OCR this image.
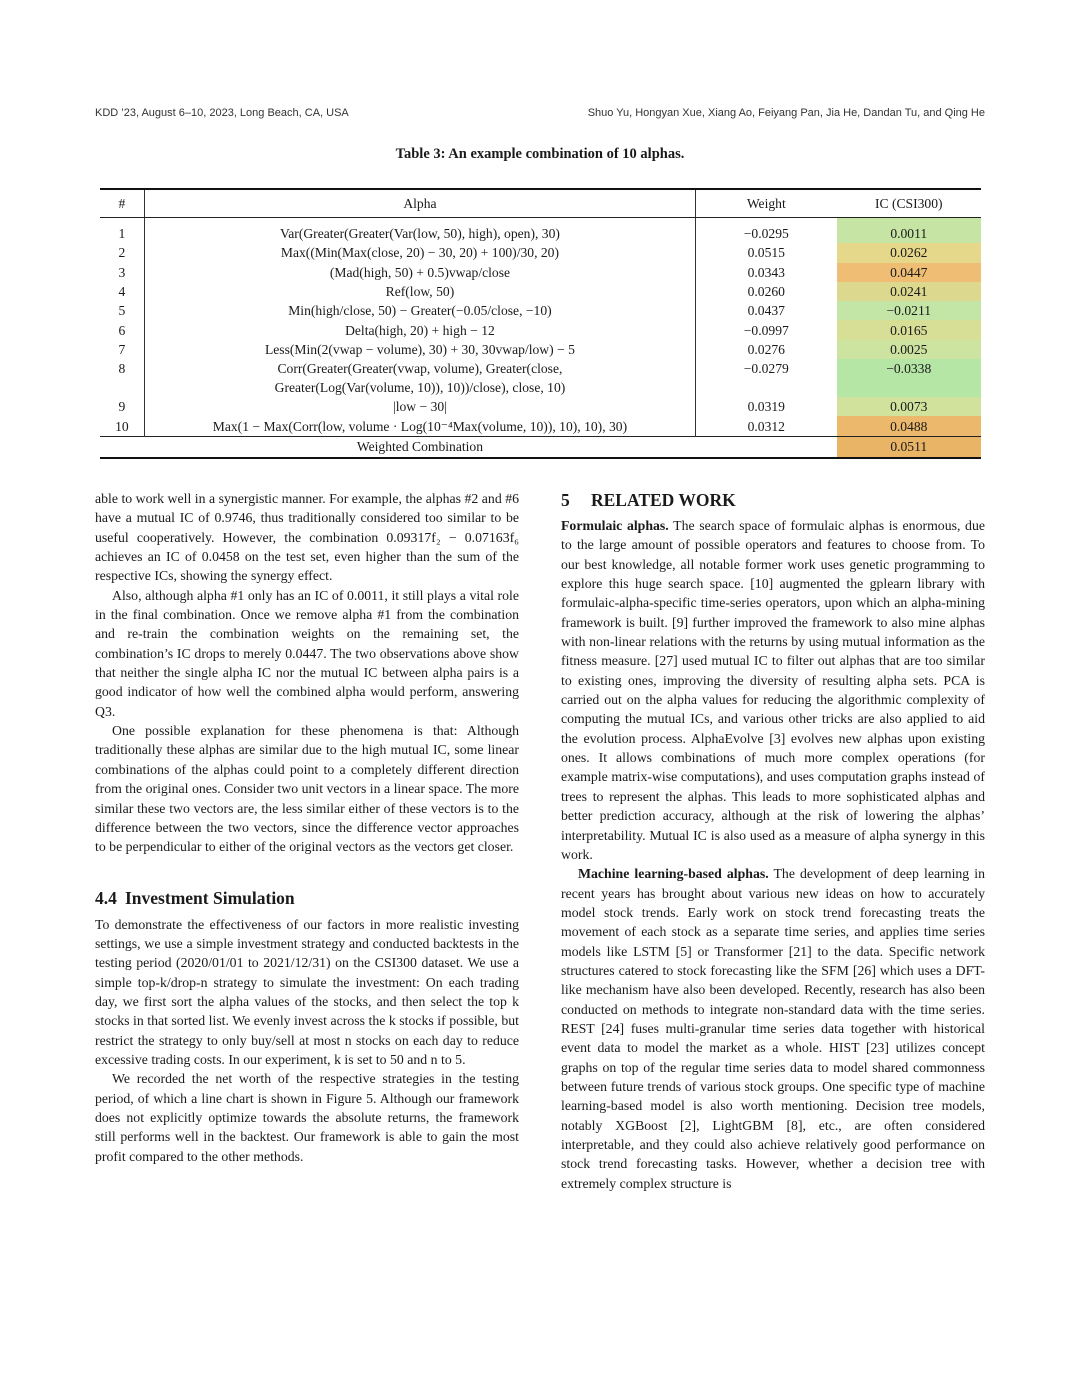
KDD ’23, August 6–10, 2023, Long Beach, CA, USA	Shuo Yu, Hongyan Xue, Xiang Ao, Feiyang Pan, Jia He, Dandan Tu, and Qing He
Table 3: An example combination of 10 alphas.
#	Alpha	Weight	IC (CSI300)
1	Var(Greater(Greater(Var(low, 50), high), open), 30)	−0.0295	0.0011
2	Max((Min(Max(close, 20) − 30, 20) + 100)/30, 20)	0.0515	0.0262
3	(Mad(high, 50) + 0.5)vwap/close	0.0343	0.0447
4	Ref(low, 50)	0.0260	0.0241
5	Min(high/close, 50) − Greater(−0.05/close, −10)	0.0437	−0.0211
6	Delta(high, 20) + high − 12	−0.0997	0.0165
7	Less(Min(2(vwap − volume), 30) + 30, 30vwap/low) − 5	0.0276	0.0025
8	Corr(Greater(Greater(vwap, volume), Greater(close,
Greater(Log(Var(volume, 10)), 10))/close), close, 10)	−0.0279	−0.0338
9	|low − 30|	0.0319	0.0073
10	Max(1 − Max(Corr(low, volume · Log(10⁻⁴Max(volume, 10)), 10), 10), 30)	0.0312	0.0488
	Weighted Combination		0.0511

able to work well in a synergistic manner. For example, the alphas #2 and #6 have a mutual IC of 0.9746, thus traditionally considered too similar to be useful cooperatively. However, the combination 0.09317f₂ − 0.07163f₆ achieves an IC of 0.0458 on the test set, even higher than the sum of the respective ICs, showing the synergy effect.

Also, although alpha #1 only has an IC of 0.0011, it still plays a vital role in the final combination. Once we remove alpha #1 from the combination and re-train the combination weights on the remaining set, the combination’s IC drops to merely 0.0447. The two observations above show that neither the single alpha IC nor the mutual IC between alpha pairs is a good indicator of how well the combined alpha would perform, answering Q3.

One possible explanation for these phenomena is that: Although traditionally these alphas are similar due to the high mutual IC, some linear combinations of the alphas could point to a completely different direction from the original ones. Consider two unit vectors in a linear space. The more similar these two vectors are, the less similar either of these vectors is to the difference between the two vectors, since the difference vector approaches to be perpendicular to either of the original vectors as the vectors get closer.

4.4 Investment Simulation

To demonstrate the effectiveness of our factors in more realistic investing settings, we use a simple investment strategy and conducted backtests in the testing period (2020/01/01 to 2021/12/31) on the CSI300 dataset. We use a simple top-k/drop-n strategy to simulate the investment: On each trading day, we first sort the alpha values of the stocks, and then select the top k stocks in that sorted list. We evenly invest across the k stocks if possible, but restrict the strategy to only buy/sell at most n stocks on each day to reduce excessive trading costs. In our experiment, k is set to 50 and n to 5.

We recorded the net worth of the respective strategies in the testing period, of which a line chart is shown in Figure 5. Although our framework does not explicitly optimize towards the absolute returns, the framework still performs well in the backtest. Our framework is able to gain the most profit compared to the other methods.

5 RELATED WORK

Formulaic alphas. The search space of formulaic alphas is enormous, due to the large amount of possible operators and features to choose from. To our best knowledge, all notable former work uses genetic programming to explore this huge search space. [10] augmented the gplearn library with formulaic-alpha-specific time-series operators, upon which an alpha-mining framework is built. [9] further improved the framework to also mine alphas with non-linear relations with the returns by using mutual information as the fitness measure. [27] used mutual IC to filter out alphas that are too similar to existing ones, improving the diversity of resulting alpha sets. PCA is carried out on the alpha values for reducing the algorithmic complexity of computing the mutual ICs, and various other tricks are also applied to aid the evolution process. AlphaEvolve [3] evolves new alphas upon existing ones. It allows combinations of much more complex operations (for example matrix-wise computations), and uses computation graphs instead of trees to represent the alphas. This leads to more sophisticated alphas and better prediction accuracy, although at the risk of lowering the alphas’ interpretability. Mutual IC is also used as a measure of alpha synergy in this work.

Machine learning-based alphas. The development of deep learning in recent years has brought about various new ideas on how to accurately model stock trends. Early work on stock trend forecasting treats the movement of each stock as a separate time series, and applies time series models like LSTM [5] or Transformer [21] to the data. Specific network structures catered to stock forecasting like the SFM [26] which uses a DFT-like mechanism have also been developed. Recently, research has also been conducted on methods to integrate non-standard data with the time series. REST [24] fuses multi-granular time series data together with historical event data to model the market as a whole. HIST [23] utilizes concept graphs on top of the regular time series data to model shared commonness between future trends of various stock groups. One specific type of machine learning-based model is also worth mentioning. Decision tree models, notably XGBoost [2], LightGBM [8], etc., are often considered interpretable, and they could also achieve relatively good performance on stock trend forecasting tasks. However, whether a decision tree with extremely complex structure is
